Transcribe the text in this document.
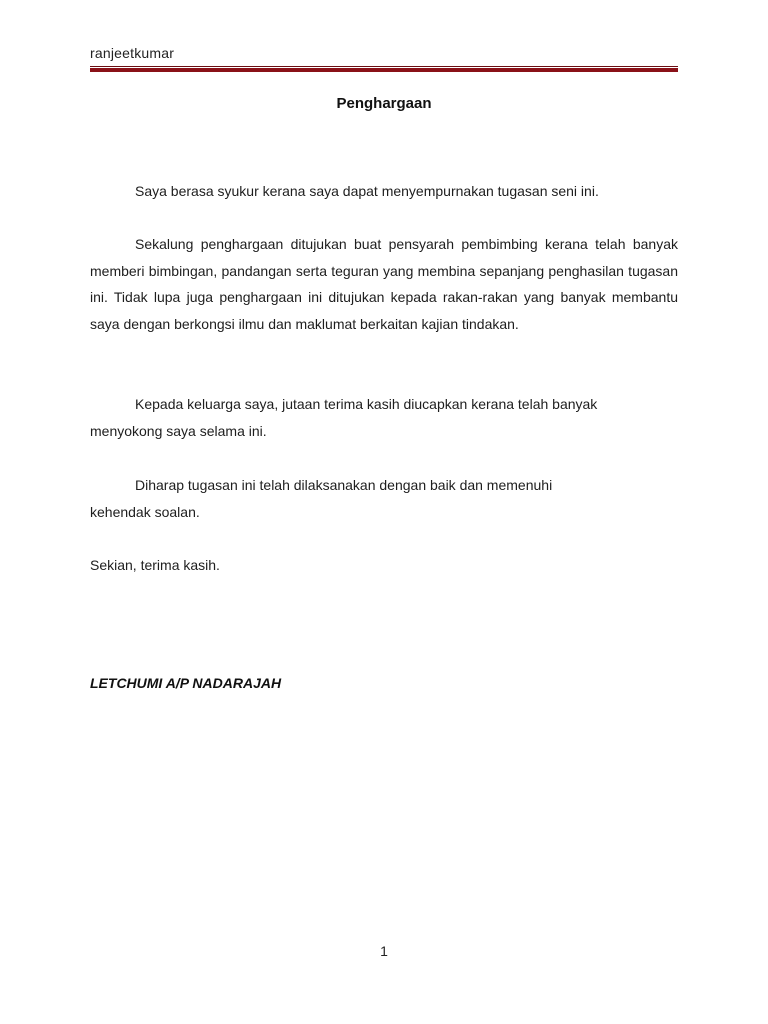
ranjeetkumar
Penghargaan

Saya berasa syukur kerana saya dapat menyempurnakan tugasan seni ini.

Sekalung penghargaan ditujukan buat pensyarah pembimbing kerana telah banyak memberi bimbingan, pandangan serta teguran yang membina sepanjang penghasilan tugasan ini. Tidak lupa juga penghargaan ini ditujukan kepada rakan-rakan yang banyak membantu saya dengan berkongsi ilmu dan maklumat berkaitan kajian tindakan.

Kepada keluarga saya, jutaan terima kasih diucapkan kerana telah banyak menyokong saya selama ini.

Diharap tugasan ini telah dilaksanakan dengan baik dan memenuhi kehendak soalan.

Sekian, terima kasih.

LETCHUMI A/P NADARAJAH
1
